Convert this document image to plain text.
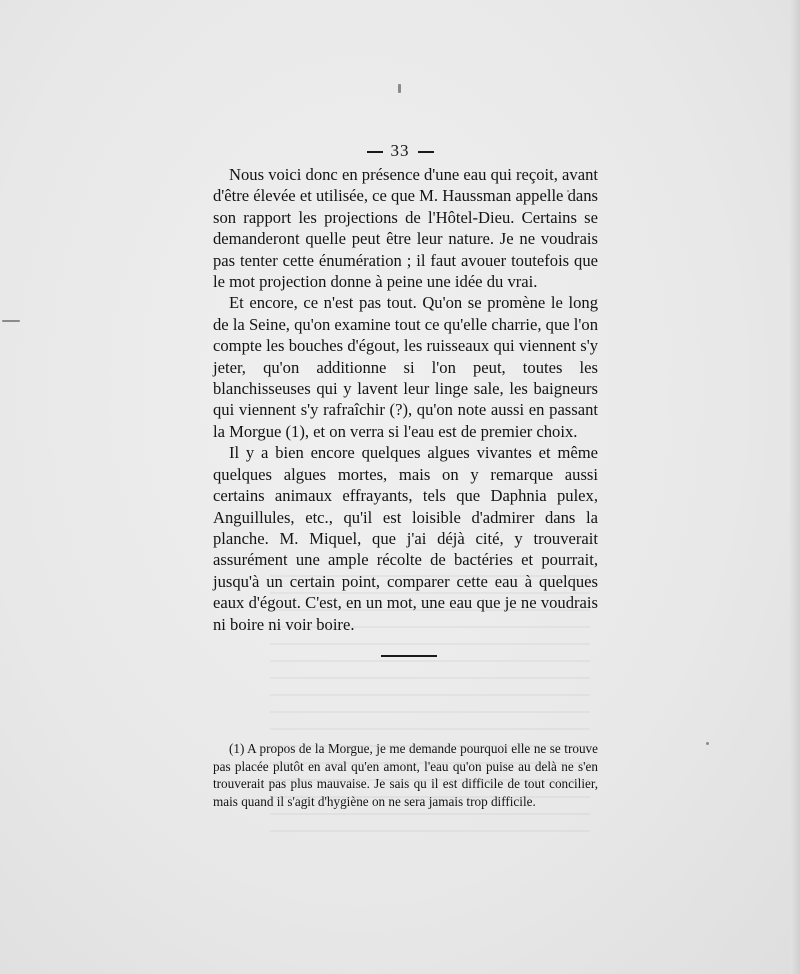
33

Nous voici donc en présence d'une eau qui reçoit, avant d'être élevée et utilisée, ce que M. Haussman appelle dans son rapport les projections de l'Hôtel-Dieu. Certains se demanderont quelle peut être leur nature. Je ne voudrais pas tenter cette énumération ; il faut avouer toutefois que le mot projection donne à peine une idée du vrai.

Et encore, ce n'est pas tout. Qu'on se promène le long de la Seine, qu'on examine tout ce qu'elle charrie, que l'on compte les bouches d'égout, les ruisseaux qui viennent s'y jeter, qu'on additionne si l'on peut, toutes les blanchisseuses qui y lavent leur linge sale, les baigneurs qui viennent s'y rafraîchir (?), qu'on note aussi en passant la Morgue (1), et on verra si l'eau est de premier choix.

Il y a bien encore quelques algues vivantes et même quelques algues mortes, mais on y remarque aussi certains animaux effrayants, tels que Daphnia pulex, Anguillules, etc., qu'il est loisible d'admirer dans la planche. M. Miquel, que j'ai déjà cité, y trouverait assurément une ample récolte de bactéries et pourrait, jusqu'à un certain point, comparer cette eau à quelques eaux d'égout. C'est, en un mot, une eau que je ne voudrais ni boire ni voir boire.

(1) A propos de la Morgue, je me demande pourquoi elle ne se trouve pas placée plutôt en aval qu'en amont, l'eau qu'on puise au delà ne s'en trouverait pas plus mauvaise. Je sais qu il est difficile de tout concilier, mais quand il s'agit d'hygiène on ne sera jamais trop difficile.
